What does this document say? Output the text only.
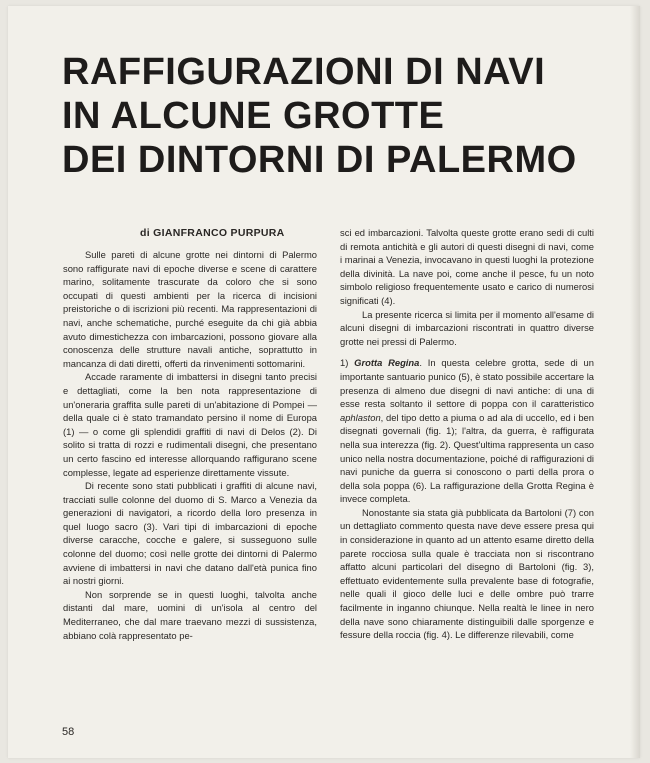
RAFFIGURAZIONI DI NAVI
IN ALCUNE GROTTE
DEI DINTORNI DI PALERMO
di GIANFRANCO PURPURA

Sulle pareti di alcune grotte nei dintorni di Palermo sono raffigurate navi di epoche diverse e scene di carattere marino, solitamente trascurate da coloro che si sono occupati di questi ambienti per la ricerca di incisioni preistoriche o di iscrizioni più recenti. Ma rappresentazioni di navi, anche schematiche, purché eseguite da chi già abbia avuto dimestichezza con imbarcazioni, possono giovare alla conoscenza delle strutture navali antiche, soprattutto in mancanza di dati diretti, offerti da rinvenimenti sottomarini.

Accade raramente di imbattersi in disegni tanto precisi e dettagliati, come la ben nota rappresentazione di un'oneraria graffita sulle pareti di un'abitazione di Pompei — della quale ci è stato tramandato persino il nome di Europa (1) — o come gli splendidi graffiti di navi di Delos (2). Di solito si tratta di rozzi e rudimentali disegni, che presentano un certo fascino ed interesse allorquando raffigurano scene complesse, legate ad esperienze direttamente vissute.

Di recente sono stati pubblicati i graffiti di alcune navi, tracciati sulle colonne del duomo di S. Marco a Venezia da generazioni di navigatori, a ricordo della loro presenza in quel luogo sacro (3). Vari tipi di imbarcazioni di epoche diverse caracche, cocche e galere, si susseguono sulle colonne del duomo; così nelle grotte dei dintorni di Palermo avviene di imbattersi in navi che datano dall'età punica fino ai nostri giorni.

Non sorprende se in questi luoghi, talvolta anche distanti dal mare, uomini di un'isola al centro del Mediterraneo, che dal mare traevano mezzi di sussistenza, abbiano colà rappresentato pe-

sci ed imbarcazioni. Talvolta queste grotte erano sedi di culti di remota antichità e gli autori di questi disegni di navi, come i marinai a Venezia, invocavano in questi luoghi la protezione della divinità. La nave poi, come anche il pesce, fu un noto simbolo religioso frequentemente usato e carico di numerosi significati (4).

La presente ricerca si limita per il momento all'esame di alcuni disegni di imbarcazioni riscontrati in quattro diverse grotte nei pressi di Palermo.

1) Grotta Regina. In questa celebre grotta, sede di un importante santuario punico (5), è stato possibile accertare la presenza di almeno due disegni di navi antiche: di una di esse resta soltanto il settore di poppa con il caratteristico aphlaston, del tipo detto a piuma o ad ala di uccello, ed i ben disegnati governali (fig. 1); l'altra, da guerra, è raffigurata nella sua interezza (fig. 2). Quest'ultima rappresenta un caso unico nella nostra documentazione, poiché di raffigurazioni di navi puniche da guerra si conoscono o parti della prora o della sola poppa (6). La raffigurazione della Grotta Regina è invece completa.

Nonostante sia stata già pubblicata da Bartoloni (7) con un dettagliato commento questa nave deve essere presa qui in considerazione in quanto ad un attento esame diretto della parete rocciosa sulla quale è tracciata non si riscontrano affatto alcuni particolari del disegno di Bartoloni (fig. 3), effettuato evidentemente sulla prevalente base di fotografie, nelle quali il gioco delle luci e delle ombre può trarre facilmente in inganno chiunque. Nella realtà le linee in nero della nave sono chiaramente distinguibili dalle sporgenze e fessure della roccia (fig. 4). Le differenze rilevabili, come

58
